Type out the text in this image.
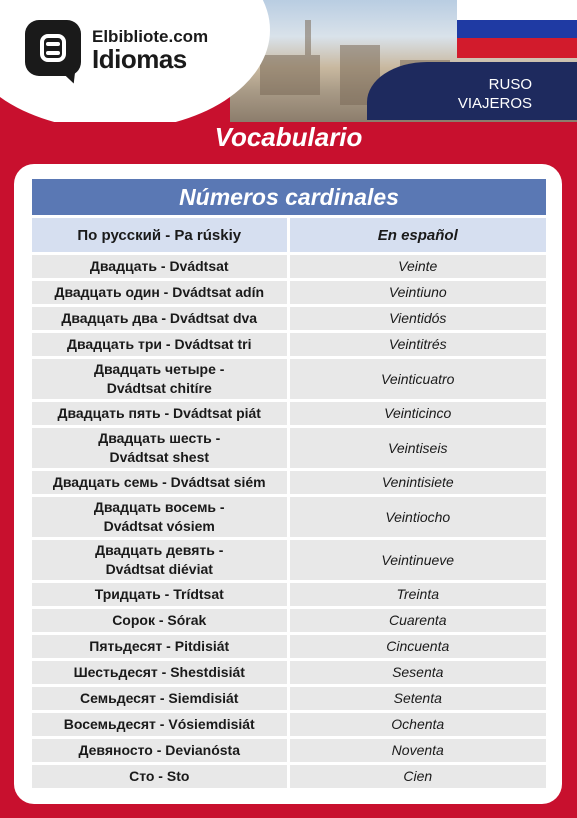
Elbibliote.com
Idiomas
RUSO
VIAJEROS
Vocabulario
Números cardinales	
По русский - Pa rúskiy	En español
Двадцать - Dvádtsat	Veinte
Двадцать один - Dvádtsat adín	Veintiuno
Двадцать два - Dvádtsat dva	Vientidós
Двадцать три - Dvádtsat tri	Veintitrés
Двадцать четыре -
Dvádtsat chitíre	Veinticuatro
Двадцать пять - Dvádtsat piát	Veinticinco
Двадцать шесть -
Dvádtsat shest	Veintiseis
Двадцать семь - Dvádtsat siém	Venintisiete
Двадцать восемь -
Dvádtsat vósiem	Veintiocho
Двадцать девять -
Dvádtsat diéviat	Veintinueve
Тридцать - Trídtsat	Treinta
Сорок - Sórak	Cuarenta
Пятьдесят - Pitdisiát	Cincuenta
Шестьдесят - Shestdisiát	Sesenta
Семьдесят - Siemdisiát	Setenta
Восемьдесят - Vósiemdisiát	Ochenta
Девяносто - Devianósta	Noventa
Сто - Sto	Cien
